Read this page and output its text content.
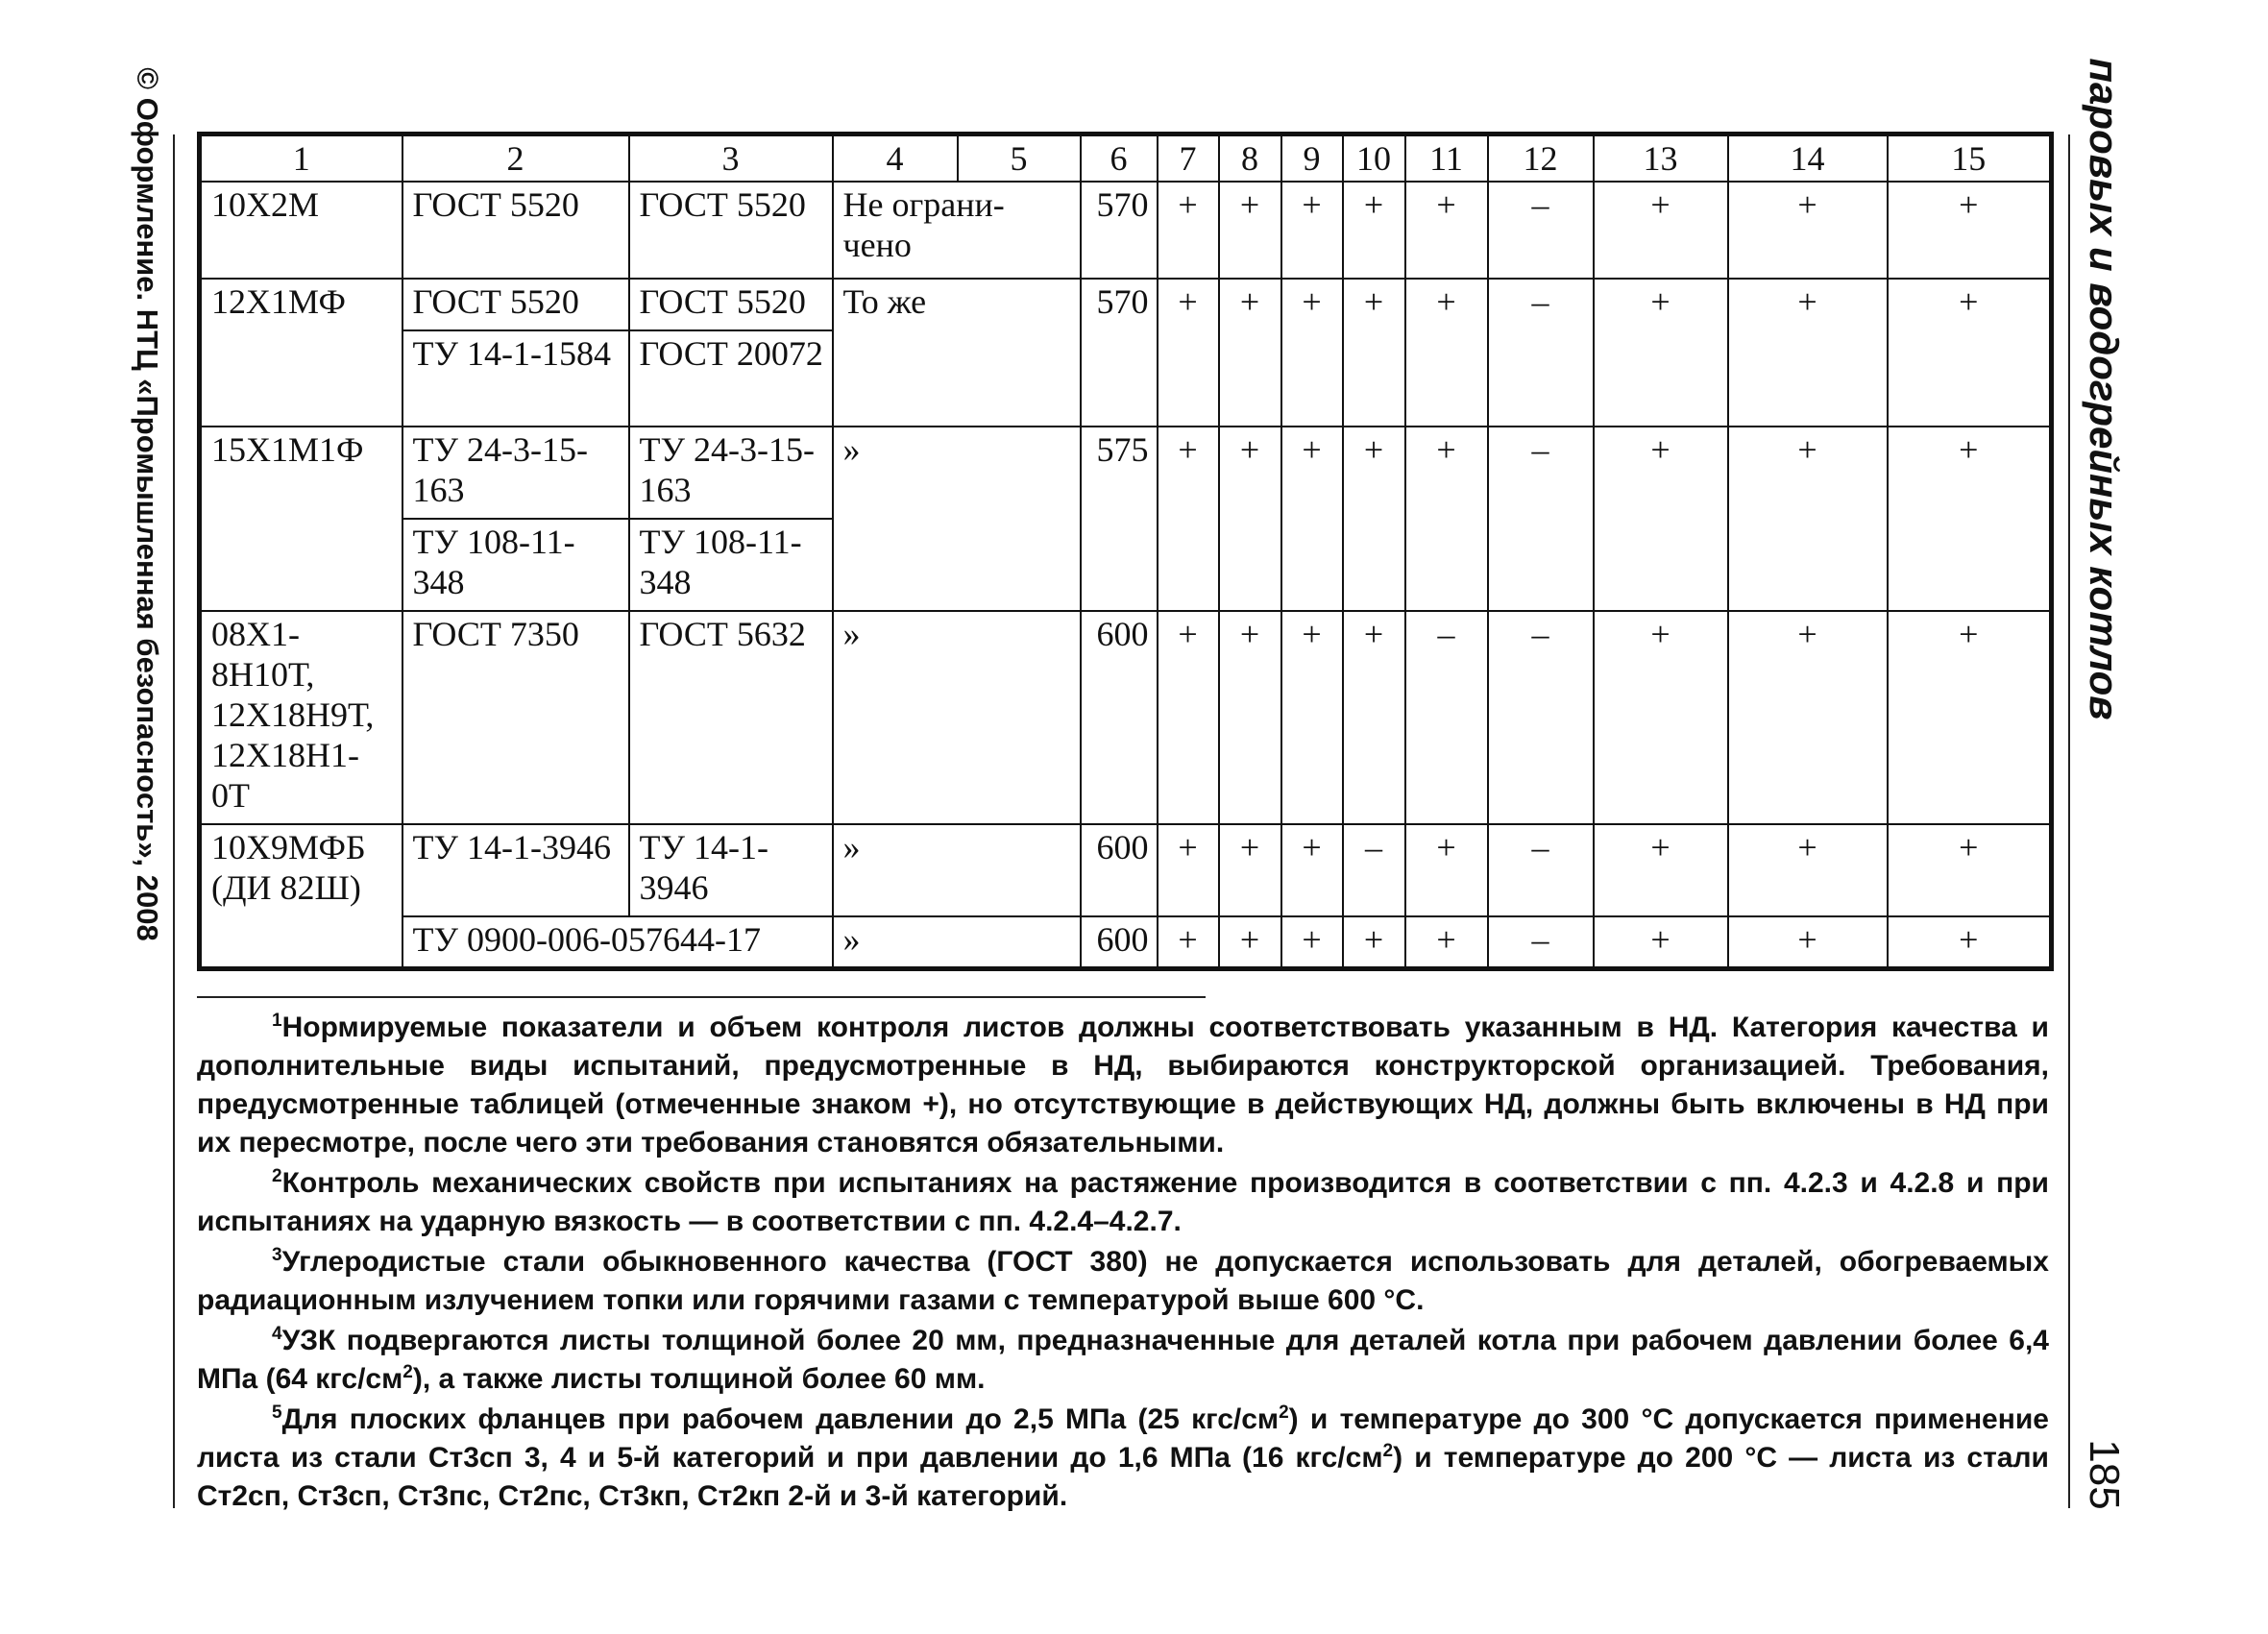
© Оформление. НТЦ «Промышленная безопасность», 2008	паровых и водогрейных котлов
185
1	2	3	4	5	6	7	8	9	10	11	12	13	14	15
10Х2М	ГОСТ 5520	ГОСТ 5520	Не ограни-чено		570	+	+	+	+	+	–	+	+	+
12Х1МФ	ГОСТ 5520	ГОСТ 5520	То же		570	+	+	+	+	+	–	+	+	+
	ТУ 14-1-1584	ГОСТ 20072												
15Х1М1Ф	ТУ 24-3-15-163	ТУ 24-3-15-163	»		575	+	+	+	+	+	–	+	+	+
	ТУ 108-11-348	ТУ 108-11-348												
08Х1-8Н10Т, 12Х18Н9Т, 12Х18Н1-0Т	ГОСТ 7350	ГОСТ 5632	»		600	+	+	+	+	–	–	+	+	+
10Х9МФБ (ДИ 82Ш)	ТУ 14-1-3946	ТУ 14-1-3946	»		600	+	+	+	–	+	–	+	+	+
	ТУ 0900-006-057644-17		»		600	+	+	+	+	+	–	+	+	+

$^1$Нормируемые показатели и объем контроля листов должны соответствовать указанным в НД. Категория качества и дополнительные виды испытаний, предусмотренные в НД, выбираются конструкторской организацией. Требования, предусмотренные таблицей (отмеченные знаком +), но отсутствующие в действующих НД, должны быть включены в НД при их пересмотре, после чего эти требования становятся обязательными.

$^2$Контроль механических свойств при испытаниях на растяжение производится в соответствии с пп. 4.2.3 и 4.2.8 и при испытаниях на ударную вязкость — в соответствии с пп. 4.2.4–4.2.7.

$^3$Углеродистые стали обыкновенного качества (ГОСТ 380) не допускается использовать для деталей, обогреваемых радиационным излучением топки или горячими газами с температурой выше 600 °С.

$^4$УЗК подвергаются листы толщиной более 20 мм, предназначенные для деталей котла при рабочем давлении более 6,4 МПа (64 кгс/$см^2$), а также листы толщиной более 60 мм.

$^5$Для плоских фланцев при рабочем давлении до 2,5 МПа (25 кгс/$см^2$) и температуре до 300 °С допускается применение листа из стали Ст3сп 3, 4 и 5-й категорий и при давлении до 1,6 МПа (16 кгс/$см^2$) и температуре до 200 °С — листа из стали Ст2сп, Ст3сп, Ст3пс, Ст2пс, Ст3кп, Ст2кп 2-й и 3-й категорий.
